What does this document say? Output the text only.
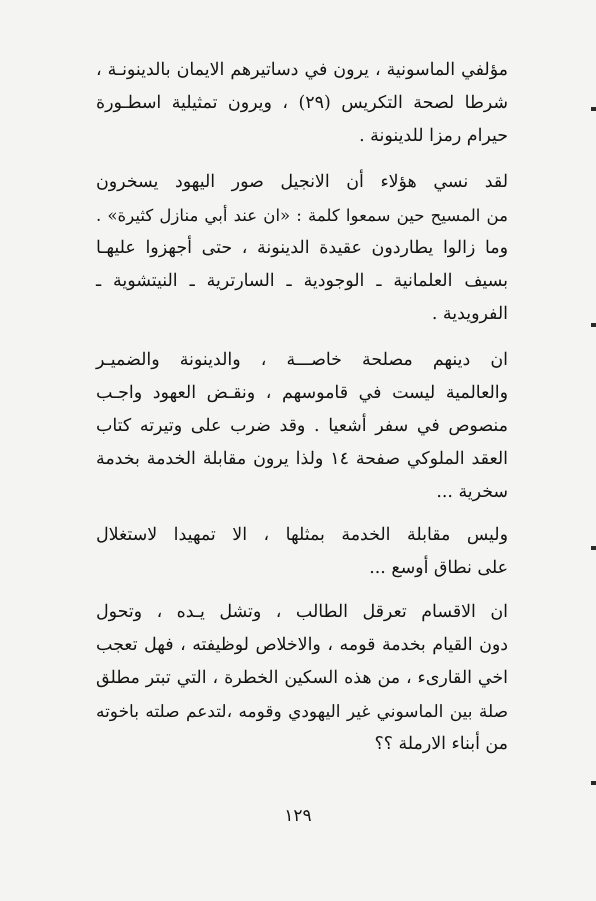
مؤلفي الماسونية ، يرون في دساتيرهم الايمان بالدينونـة ،
شرطا لصحة التكريس (٢٩) ، ويرون تمثيلية اسطـورة
حيرام رمزا للدينونة .
لقد نسي هؤلاء أن الانجيل صور اليهود يسخرون
من المسيح حين سمعوا كلمة : «ان عند أبي منازل كثيرة» .
وما زالوا يطاردون عقيدة الدينونة ، حتى أجهزوا عليهـا
بسيف العلمانية ـ الوجودية ـ السارترية ـ النيتشوية ـ
الفرويدية .
ان دينهم مصلحة خاصـــة ، والدينونة والضميـر
والعالمية ليست في قاموسهم ، ونقـض العهود واجـب
منصوص في سفر أشعيا . وقد ضرب على وتيرته كتاب
العقد الملوكي صفحة ١٤ ولذا يرون مقابلة الخدمة بخدمة
سخرية ...
وليس مقابلة الخدمة بمثلها ، الا تمهيدا لاستغلال
على نطاق أوسع ...
ان الاقسام تعرقل الطالب ، وتشل يـده ، وتحول
دون القيام بخدمة قومه ، والاخلاص لوظيفته ، فهل تعجب
اخي القارىء ، من هذه السكين الخطرة ، التي تبتر مطلق
صلة بين الماسوني غير اليهودي وقومه ،لتدعم صلته باخوته
من أبناء الارملة ؟؟
١٢٩
